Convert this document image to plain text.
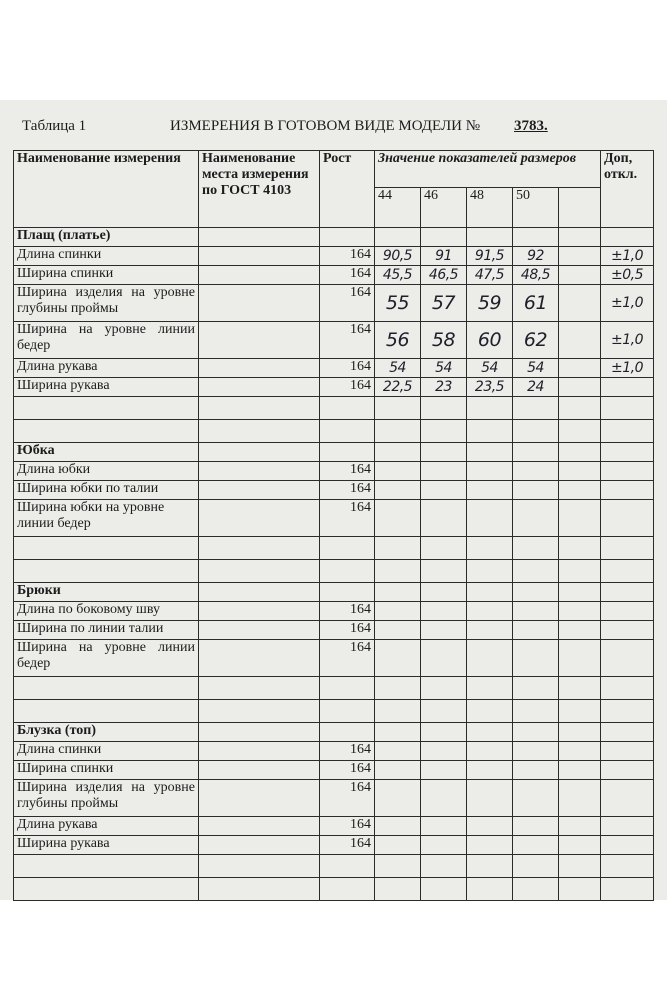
Таблица 1	ИЗМЕРЕНИЯ В ГОТОВОМ ВИДЕ МОДЕЛИ № 3783.
Наименование измерения	Наименование места измерения по ГОСТ 4103	Рост	Значение показателей размеров					Доп, откл.
			44	46	48	50		
Плащ (платье)								
Длина спинки		164	90,5	91	91,5	92		±1,0
Ширина спинки		164	45,5	46,5	47,5	48,5		±0,5
Ширина изделия на уровне глубины проймы		164	55	57	59	61		±1,0
Ширина на уровне линии бедер		164	56	58	60	62		±1,0
Длина рукава		164	54	54	54	54		±1,0
Ширина рукава		164	22,5	23	23,5	24		

Юбка								
Длина юбки		164						
Ширина юбки по талии		164						
Ширина юбки на уровне линии бедер		164						

Брюки								
Длина по боковому шву		164						
Ширина по линии талии		164						
Ширина на уровне линии бедер		164						

Блузка (топ)								
Длина спинки		164						
Ширина спинки		164						
Ширина изделия на уровне глубины проймы		164						
Длина рукава		164						
Ширина рукава		164						
